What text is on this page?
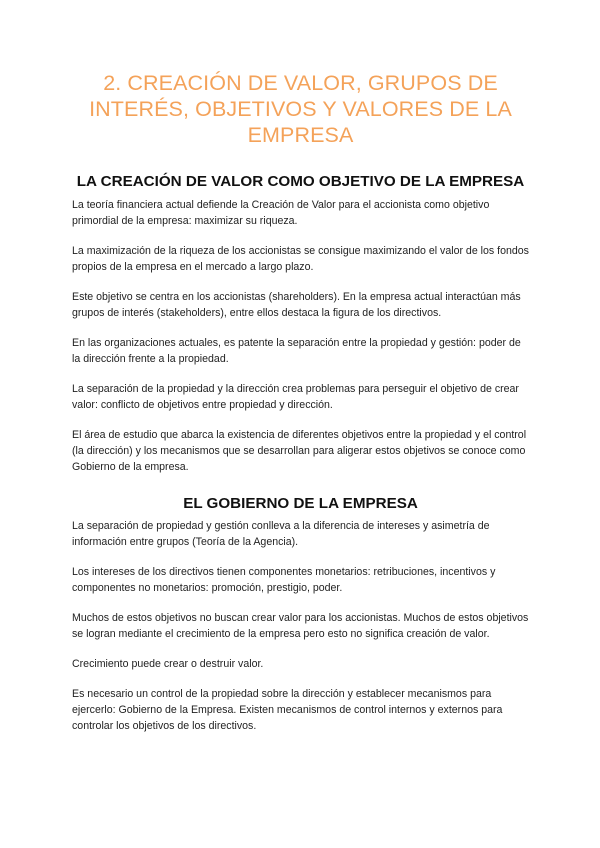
2. CREACIÓN DE VALOR, GRUPOS DE INTERÉS, OBJETIVOS Y VALORES DE LA EMPRESA
LA CREACIÓN DE VALOR COMO OBJETIVO DE LA EMPRESA

La teoría financiera actual defiende la Creación de Valor para el accionista como objetivo primordial de la empresa: maximizar su riqueza.

La maximización de la riqueza de los accionistas se consigue maximizando el valor de los fondos propios de la empresa en el mercado a largo plazo.

Este objetivo se centra en los accionistas (shareholders). En la empresa actual interactúan más grupos de interés (stakeholders), entre ellos destaca la figura de los directivos.

En las organizaciones actuales, es patente la separación entre la propiedad y gestión: poder de la dirección frente a la propiedad.

La separación de la propiedad y la dirección crea problemas para perseguir el objetivo de crear valor: conflicto de objetivos entre propiedad y dirección.

El área de estudio que abarca la existencia de diferentes objetivos entre la propiedad y el control (la dirección) y los mecanismos que se desarrollan para aligerar estos objetivos se conoce como Gobierno de la empresa.

EL GOBIERNO DE LA EMPRESA

La separación de propiedad y gestión conlleva a la diferencia de intereses y asimetría de información entre grupos (Teoría de la Agencia).

Los intereses de los directivos tienen componentes monetarios: retribuciones, incentivos y componentes no monetarios: promoción, prestigio, poder.

Muchos de estos objetivos no buscan crear valor para los accionistas. Muchos de estos objetivos se logran mediante el crecimiento de la empresa pero esto no significa creación de valor.

Crecimiento puede crear o destruir valor.

Es necesario un control de la propiedad sobre la dirección y establecer mecanismos para ejercerlo: Gobierno de la Empresa. Existen mecanismos de control internos y externos para controlar los objetivos de los directivos.
